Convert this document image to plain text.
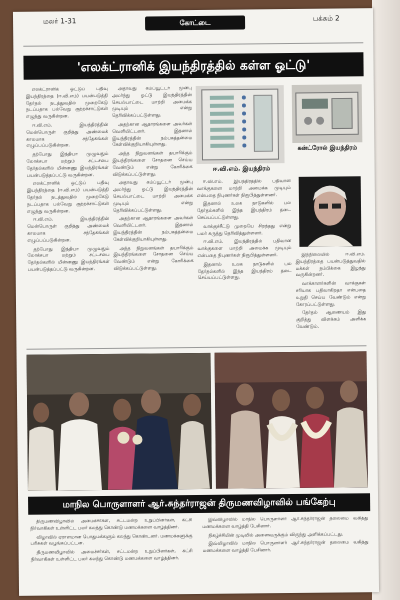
மலர் 1-31	கோட்டை	பக்கம் 2
'எலக்ட்ரானிக் இயந்திரத்தில் கள்ள ஓட்டு'

எலக்ட்ரானிக் ஓட்டுப் பதிவு இயந்திரத்தை (ஈ.வி.எம்) பயன்படுத்தி தேர்தல் நடத்துவதில் முறைகேடு நடப்பதாக பல்வேறு குற்றச்சாட்டுகள் எழுந்து வருகின்றன.

ஈ.வி.எம். இயந்திரத்தின் மென்பொருள் குறித்து அண்மைக் காலமாக சந்தேகங்கள் எழுப்பப்படுகின்றன.

தற்போது இந்தியா முழுவதும் லோக்சபா மற்றும் சட்டசபை தேர்தல்களில் மின்னணு இயந்திரங்கள் பயன்படுத்தப்பட்டு வருகின்றன.

எலக்ட்ரானிக் ஓட்டுப் பதிவு இயந்திரத்தை (ஈ.வி.எம்) பயன்படுத்தி தேர்தல் நடத்துவதில் முறைகேடு நடப்பதாக பல்வேறு குற்றச்சாட்டுகள் எழுந்து வருகின்றன.

ஈ.வி.எம். இயந்திரத்தின் மென்பொருள் குறித்து அண்மைக் காலமாக சந்தேகங்கள் எழுப்பப்படுகின்றன.

தற்போது இந்தியா முழுவதும் லோக்சபா மற்றும் சட்டசபை தேர்தல்களில் மின்னணு இயந்திரங்கள் பயன்படுத்தப்பட்டு வருகின்றன.

அதாவது கம்ப்யூட்டர் முன்பு அமர்ந்து ஓட்டு இயந்திரத்தின் செயல்பாட்டை மாற்றி அமைக்க முடியும் என்று தெரிவிக்கப்பட்டுள்ளது.

அதற்கான ஆதாரங்களை அவர்கள் வெளியிட்டனர். இதனால் இயந்திரத்தின் நம்பகத்தன்மை கேள்விக்குறியாகியுள்ளது.

அந்த நிறுவனங்கள் தயாரிக்கும் இயந்திரங்களை சோதனை செய்ய வேண்டும் என்று கோரிக்கை விடுக்கப்பட்டுள்ளது.

அதாவது கம்ப்யூட்டர் முன்பு அமர்ந்து ஓட்டு இயந்திரத்தின் செயல்பாட்டை மாற்றி அமைக்க முடியும் என்று தெரிவிக்கப்பட்டுள்ளது.

அதற்கான ஆதாரங்களை அவர்கள் வெளியிட்டனர். இதனால் இயந்திரத்தின் நம்பகத்தன்மை கேள்விக்குறியாகியுள்ளது.

அந்த நிறுவனங்கள் தயாரிக்கும் இயந்திரங்களை சோதனை செய்ய வேண்டும் என்று கோரிக்கை விடுக்கப்பட்டுள்ளது.

ஈ.வி.எம். இயந்திரம்
கன்ட்ரோல் இயந்திரம்

ஈ.வி.எம். இயந்திரத்தில் பதிவான வாக்குகளை மாற்றி அமைக்க முடியும் என்பதை நிபுணர்கள் நிரூபித்துள்ளனர்.

இதனால் உலக நாடுகளில் பல தேர்தல்களில் இந்த இயந்திரம் தடை செய்யப்பட்டுள்ளது.

வாக்குச்சீட்டு முறையே சிறந்தது என்று பலர் கருத்து தெரிவித்துள்ளனர்.

ஈ.வி.எம். இயந்திரத்தில் பதிவான வாக்குகளை மாற்றி அமைக்க முடியும் என்பதை நிபுணர்கள் நிரூபித்துள்ளனர்.

இதனால் உலக நாடுகளில் பல தேர்தல்களில் இந்த இயந்திரம் தடை செய்யப்பட்டுள்ளது.

இந்நிலையில் ஈ.வி.எம். இயந்திரத்தை பயன்படுத்துவதில் மக்கள் நம்பிக்கை இழந்து வருகின்றனர்.

வாக்காளர்களின் வாக்குகள் சரியாக பதிவாகிறதா என்பதை உறுதி செய்ய வேண்டும் என்று கோரப்பட்டுள்ளது.

தேர்தல் ஆணையம் இது குறித்து விளக்கம் அளிக்க வேண்டும்.

மாநில பொருளாளர் ஆர்.சுந்தர்ராஜன் திருமணவிழாவில் பங்கேற்பு

திருமணவிழாவில் அமைச்சர்கள், சட்டமன்ற உறுப்பினர்கள், கட்சி நிர்வாகிகள் உள்ளிட்ட பலர் கலந்து கொண்டு மணமக்களை வாழ்த்தினர்.

விழாவில் ஏராளமான பொதுமக்களும் கலந்து கொண்டனர். மணமக்களுக்கு பரிசுகள் வழங்கப்பட்டன.

திருமணவிழாவில் அமைச்சர்கள், சட்டமன்ற உறுப்பினர்கள், கட்சி நிர்வாகிகள் உள்ளிட்ட பலர் கலந்து கொண்டு மணமக்களை வாழ்த்தினர்.

இவ்விழாவில் மாநில பொருளாளர் ஆர்.சுந்தர்ராஜன் தலைமை வகித்து மணமக்களை வாழ்த்தி பேசினார்.

நிகழ்ச்சியின் முடிவில் அனைவருக்கும் விருந்து அளிக்கப்பட்டது.

இவ்விழாவில் மாநில பொருளாளர் ஆர்.சுந்தர்ராஜன் தலைமை வகித்து மணமக்களை வாழ்த்தி பேசினார்.
